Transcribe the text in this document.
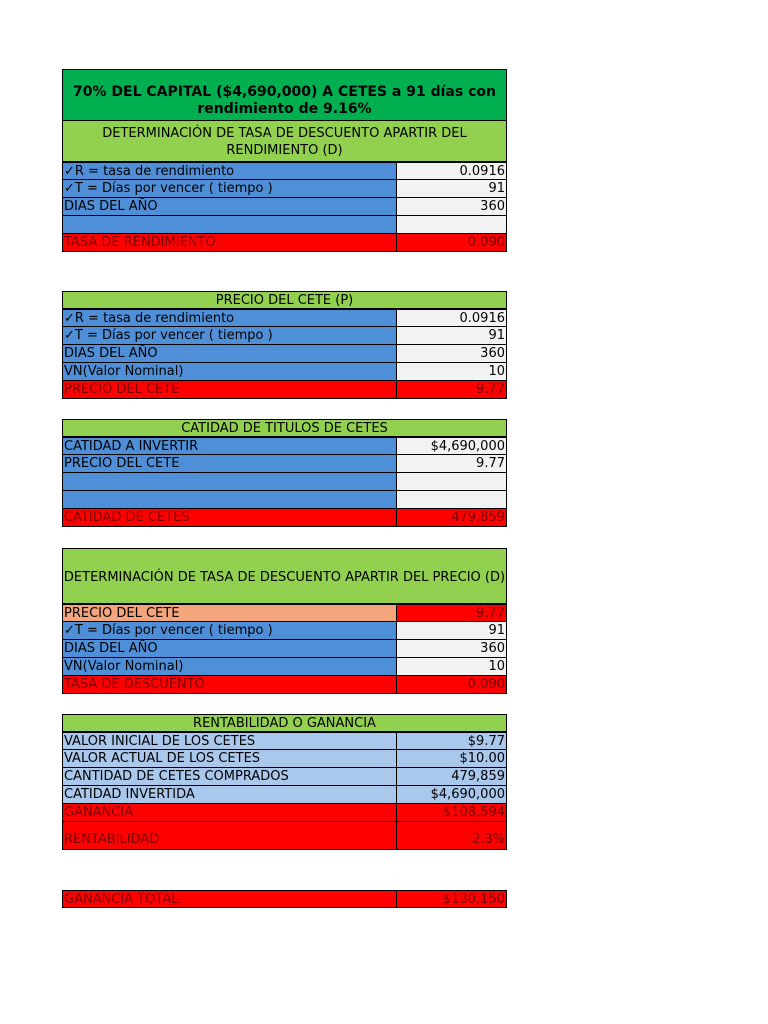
70% DEL CAPITAL ($4,690,000) A CETES a 91 días con rendimiento de 9.16%
DETERMINACIÓN DE TASA DE DESCUENTO APARTIR DEL RENDIMIENTO (D)
✓R = tasa de rendimiento	0.0916
✓T = Días por vencer ( tiempo )	91
DIAS DEL AÑO	360
TASA DE RENDIMIENTO	0.090
PRECIO DEL CETE (P)
✓R = tasa de rendimiento	0.0916
✓T = Días por vencer ( tiempo )	91
DIAS DEL AÑO	360
VN(Valor Nominal)	10
PRECIO DEL CETE	9.77
CATIDAD DE TITULOS DE CETES
CATIDAD A INVERTIR	$4,690,000
PRECIO DEL CETE	9.77
CATIDAD DE CETES	479,859
DETERMINACIÓN DE TASA DE DESCUENTO APARTIR DEL PRECIO (D)
PRECIO DEL CETE	9.77
✓T = Días por vencer ( tiempo )	91
DIAS DEL AÑO	360
VN(Valor Nominal)	10
TASA DE DESCUENTO	0.090
RENTABILIDAD O GANANCIA
VALOR INICIAL DE LOS CETES	$9.77
VALOR ACTUAL DE LOS CETES	$10.00
CANTIDAD DE CETES COMPRADOS	479,859
CATIDAD INVERTIDA	$4,690,000
GANANCIA	$108,594
RENTABILIDAD	2.3%
GANANCIA TOTAL	$130,150
